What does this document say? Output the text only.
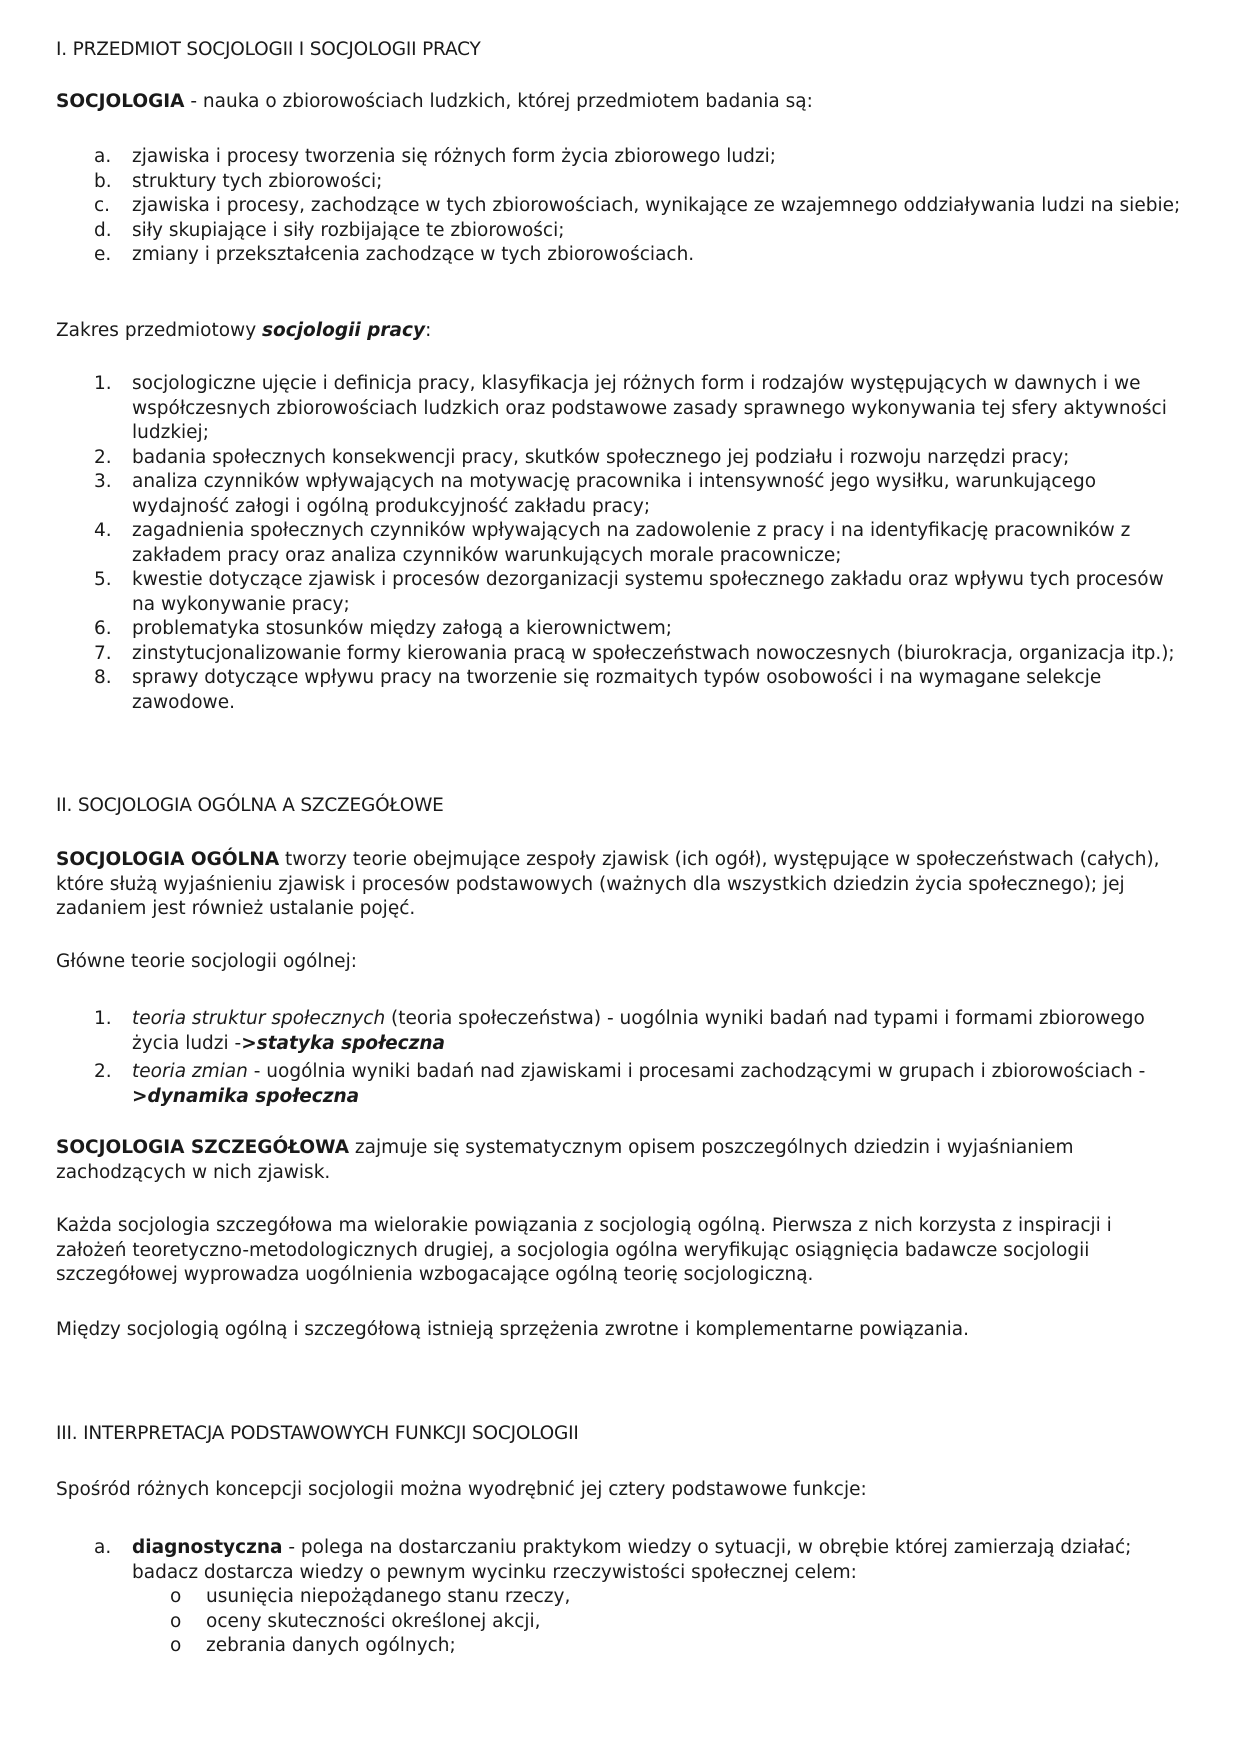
I. PRZEDMIOT SOCJOLOGII I SOCJOLOGII PRACY

SOCJOLOGIA - nauka o zbiorowościach ludzkich, której przedmiotem badania są:

a. zjawiska i procesy tworzenia się różnych form życia zbiorowego ludzi;
b. struktury tych zbiorowości;
c. zjawiska i procesy, zachodzące w tych zbiorowościach, wynikające ze wzajemnego oddziaływania ludzi na siebie;
d. siły skupiające i siły rozbijające te zbiorowości;
e. zmiany i przekształcenia zachodzące w tych zbiorowościach.

Zakres przedmiotowy socjologii pracy:

1. socjologiczne ujęcie i definicja pracy, klasyfikacja jej różnych form i rodzajów występujących w dawnych i we współczesnych zbiorowościach ludzkich oraz podstawowe zasady sprawnego wykonywania tej sfery aktywności ludzkiej;
2. badania społecznych konsekwencji pracy, skutków społecznego jej podziału i rozwoju narzędzi pracy;
3. analiza czynników wpływających na motywację pracownika i intensywność jego wysiłku, warunkującego wydajność załogi i ogólną produkcyjność zakładu pracy;
4. zagadnienia społecznych czynników wpływających na zadowolenie z pracy i na identyfikację pracowników z zakładem pracy oraz analiza czynników warunkujących morale pracownicze;
5. kwestie dotyczące zjawisk i procesów dezorganizacji systemu społecznego zakładu oraz wpływu tych procesów na wykonywanie pracy;
6. problematyka stosunków między załogą a kierownictwem;
7. zinstytucjonalizowanie formy kierowania pracą w społeczeństwach nowoczesnych (biurokracja, organizacja itp.);
8. sprawy dotyczące wpływu pracy na tworzenie się rozmaitych typów osobowości i na wymagane selekcje zawodowe.

II. SOCJOLOGIA OGÓLNA A SZCZEGÓŁOWE

SOCJOLOGIA OGÓLNA tworzy teorie obejmujące zespoły zjawisk (ich ogół), występujące w społeczeństwach (całych), które służą wyjaśnieniu zjawisk i procesów podstawowych (ważnych dla wszystkich dziedzin życia społecznego); jej zadaniem jest również ustalanie pojęć.

Główne teorie socjologii ogólnej:

1. teoria struktur społecznych (teoria społeczeństwa) - uogólnia wyniki badań nad typami i formami zbiorowego życia ludzi ->statyka społeczna
2. teoria zmian - uogólnia wyniki badań nad zjawiskami i procesami zachodzącymi w grupach i zbiorowościach ->dynamika społeczna

SOCJOLOGIA SZCZEGÓŁOWA zajmuje się systematycznym opisem poszczególnych dziedzin i wyjaśnianiem zachodzących w nich zjawisk.

Każda socjologia szczegółowa ma wielorakie powiązania z socjologią ogólną. Pierwsza z nich korzysta z inspiracji i założeń teoretyczno-metodologicznych drugiej, a socjologia ogólna weryfikując osiągnięcia badawcze socjologii szczegółowej wyprowadza uogólnienia wzbogacające ogólną teorię socjologiczną.

Między socjologią ogólną i szczegółową istnieją sprzężenia zwrotne i komplementarne powiązania.

III. INTERPRETACJA PODSTAWOWYCH FUNKCJI SOCJOLOGII

Spośród różnych koncepcji socjologii można wyodrębnić jej cztery podstawowe funkcje:

a. diagnostyczna - polega na dostarczaniu praktykom wiedzy o sytuacji, w obrębie której zamierzają działać; badacz dostarcza wiedzy o pewnym wycinku rzeczywistości społecznej celem:
o usunięcia niepożądanego stanu rzeczy,
o oceny skuteczności określonej akcji,
o zebrania danych ogólnych;
